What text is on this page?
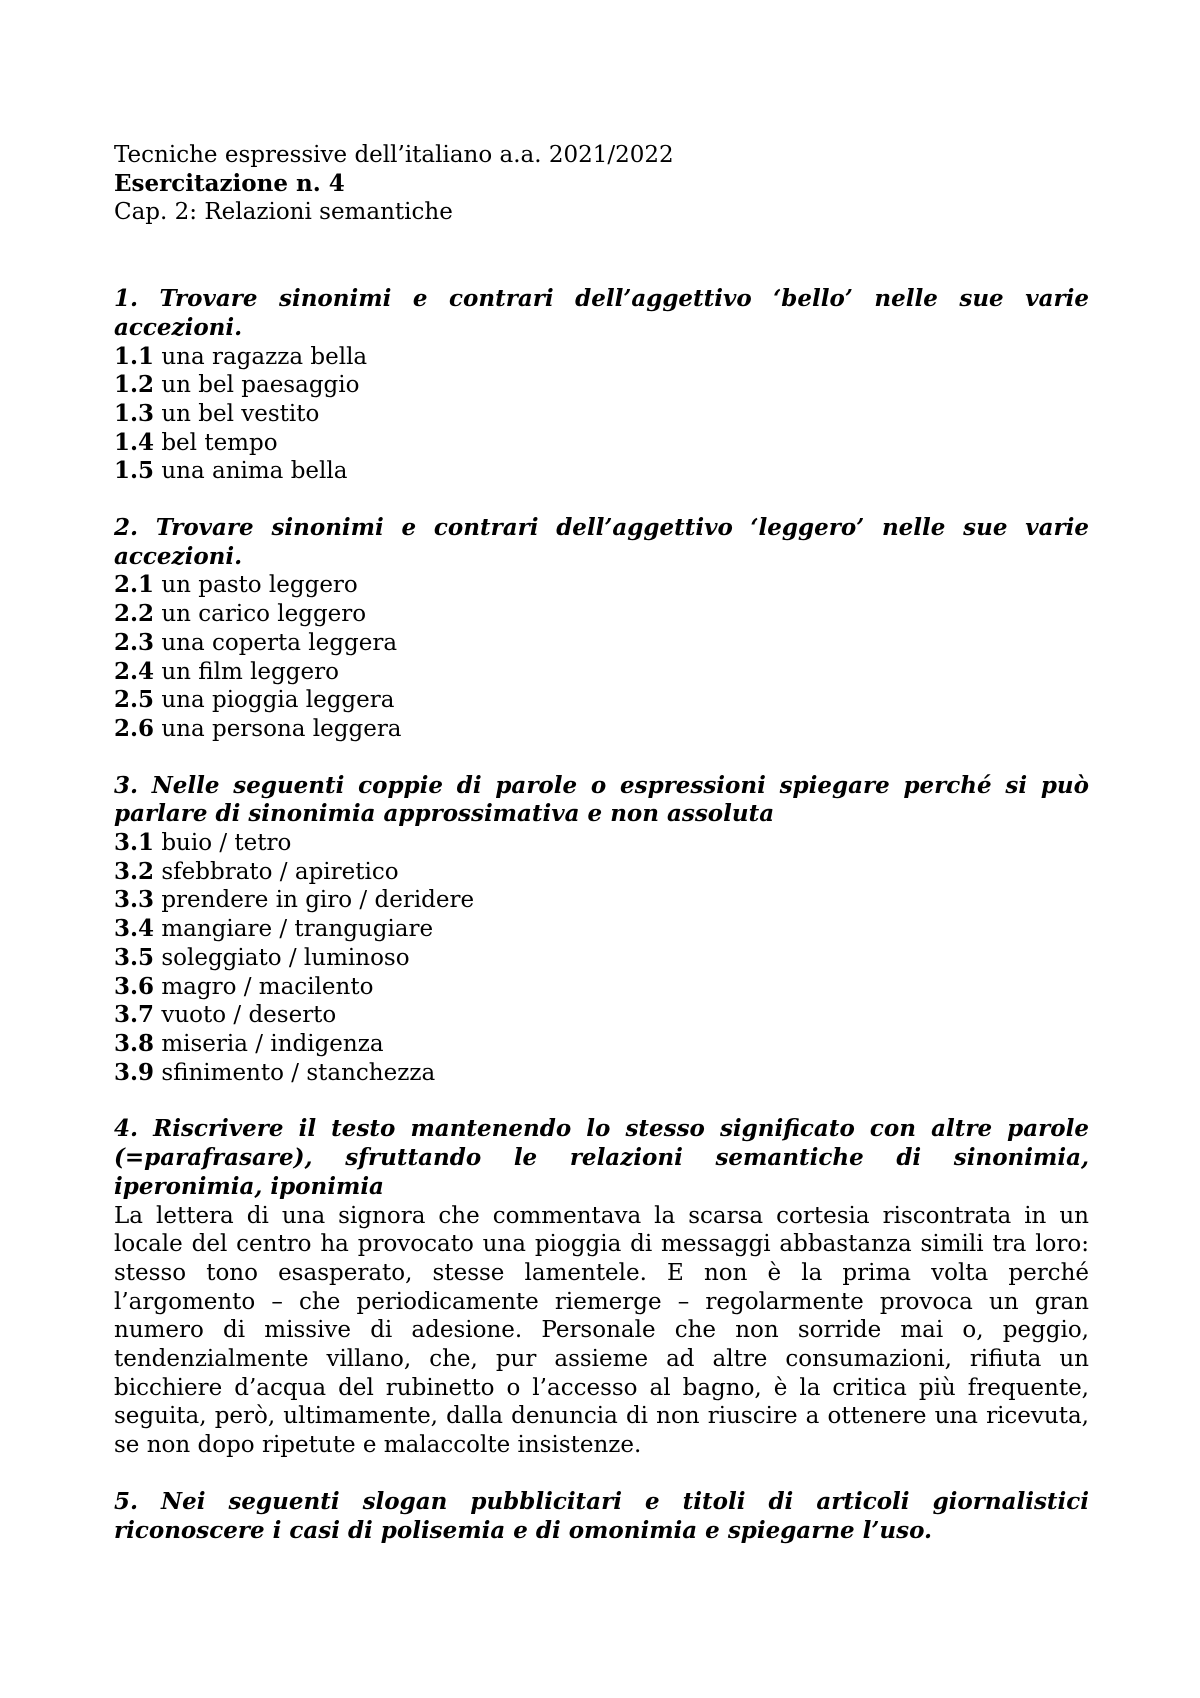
Tecniche espressive dell’italiano a.a. 2021/2022
Esercitazione n. 4
Cap. 2: Relazioni semantiche
1. Trovare sinonimi e contrari dell’aggettivo ‘bello’ nelle sue varie accezioni.
1.1 una ragazza bella
1.2 un bel paesaggio
1.3 un bel vestito
1.4 bel tempo
1.5 una anima bella
2. Trovare sinonimi e contrari dell’aggettivo ‘leggero’ nelle sue varie accezioni.
2.1 un pasto leggero
2.2 un carico leggero
2.3 una coperta leggera
2.4 un film leggero
2.5 una pioggia leggera
2.6 una persona leggera
3. Nelle seguenti coppie di parole o espressioni spiegare perché si può parlare di sinonimia approssimativa e non assoluta
3.1 buio / tetro
3.2 sfebbrato / apiretico
3.3 prendere in giro / deridere
3.4 mangiare / trangugiare
3.5 soleggiato / luminoso
3.6 magro / macilento
3.7 vuoto / deserto
3.8 miseria / indigenza
3.9 sfinimento / stanchezza
4. Riscrivere il testo mantenendo lo stesso significato con altre parole (=parafrasare), sfruttando le relazioni semantiche di sinonimia, iperonimia, iponimia
La lettera di una signora che commentava la scarsa cortesia riscontrata in un locale del centro ha provocato una pioggia di messaggi abbastanza simili tra loro: stesso tono esasperato, stesse lamentele. E non è la prima volta perché l’argomento – che periodicamente riemerge – regolarmente provoca un gran numero di missive di adesione. Personale che non sorride mai o, peggio, tendenzialmente villano, che, pur assieme ad altre consumazioni, rifiuta un bicchiere d’acqua del rubinetto o l’accesso al bagno, è la critica più frequente, seguita, però, ultimamente, dalla denuncia di non riuscire a ottenere una ricevuta, se non dopo ripetute e malaccolte insistenze.
5. Nei seguenti slogan pubblicitari e titoli di articoli giornalistici riconoscere i casi di polisemia e di omonimia e spiegarne l’uso.
